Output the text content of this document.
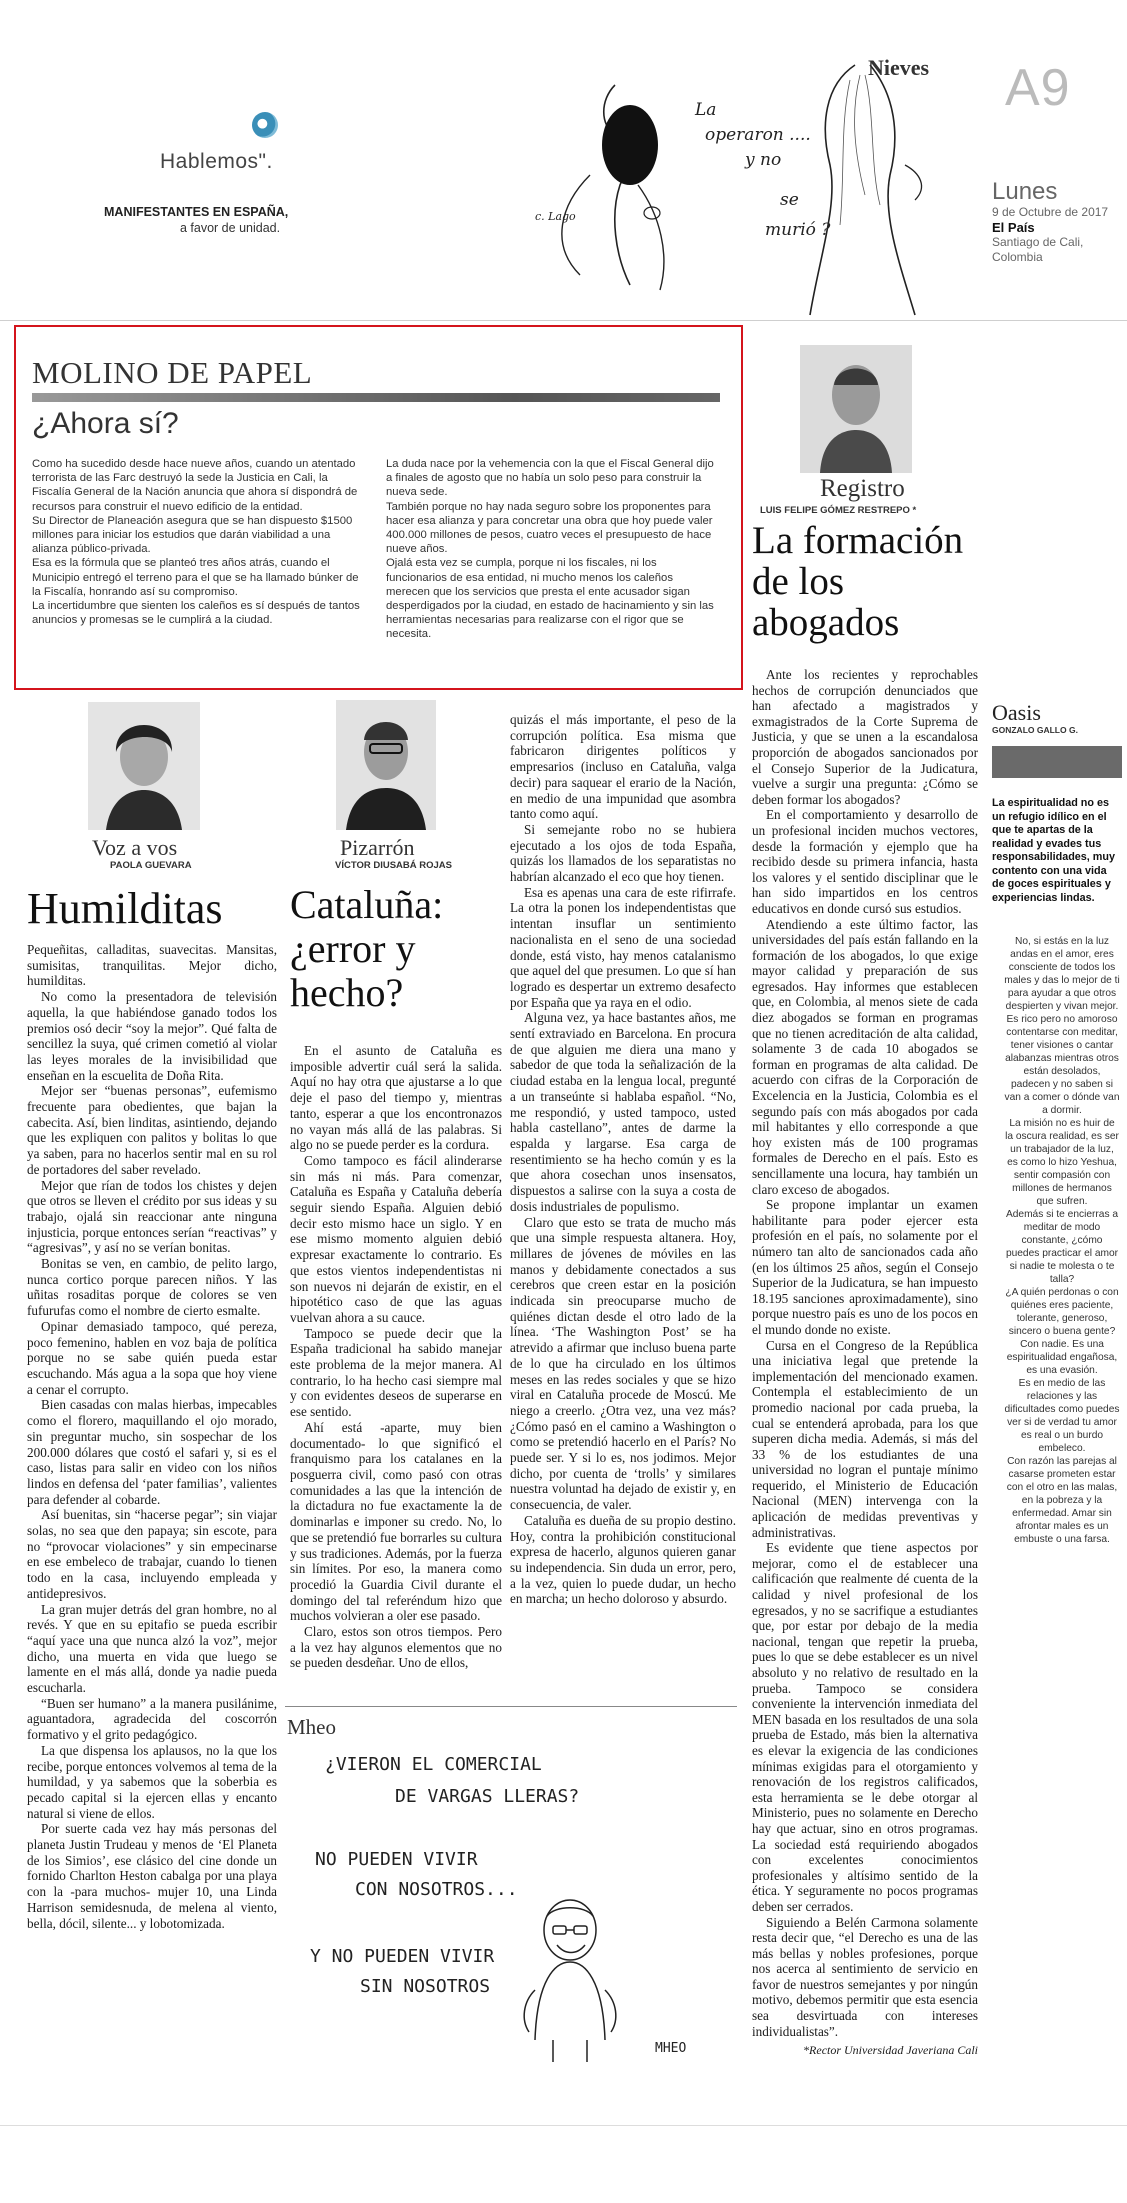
Hablemos".
MANIFESTANTES EN ESPAÑA,
a favor de unidad.
La
operaron ....
y no
se
murió ?
c. Lago
Nieves A9
Lunes
9 de Octubre de 2017
El País
Santiago de Cali, Colombia
MOLINO DE PAPEL
¿Ahora sí?

Como ha sucedido desde hace nueve años, cuando un atentado terrorista de las Farc destruyó la sede la Justicia en Cali, la Fiscalía General de la Nación anuncia que ahora sí dispondrá de recursos para construir el nuevo edificio de la entidad.

Su Director de Planeación asegura que se han dispuesto $1500 millones para iniciar los estudios que darán viabilidad a una alianza público-privada.

Esa es la fórmula que se planteó tres años atrás, cuando el Municipio entregó el terreno para el que se ha llamado búnker de la Fiscalía, honrando así su compromiso.

La incertidumbre que sienten los caleños es sí después de tantos anuncios y promesas se le cumplirá a la ciudad.

La duda nace por la vehemencia con la que el Fiscal General dijo a finales de agosto que no había un solo peso para construir la nueva sede.

También porque no hay nada seguro sobre los proponentes para hacer esa alianza y para concretar una obra que hoy puede valer 400.000 millones de pesos, cuatro veces el presupuesto de hace nueve años.

Ojalá esta vez se cumpla, porque ni los fiscales, ni los funcionarios de esa entidad, ni mucho menos los caleños merecen que los servicios que presta el ente acusador sigan desperdigados por la ciudad, en estado de hacinamiento y sin las herramientas necesarias para realizarse con el rigor que se necesita.

Registro
LUIS FELIPE GÓMEZ RESTREPO *
La formación de los abogados

Ante los recientes y reprochables hechos de corrupción denunciados que han afectado a magistrados y exmagistrados de la Corte Suprema de Justicia, y que se unen a la escandalosa proporción de abogados sancionados por el Consejo Superior de la Judicatura, vuelve a surgir una pregunta: ¿Cómo se deben formar los abogados?

En el comportamiento y desarrollo de un profesional inciden muchos vectores, desde la formación y ejemplo que ha recibido desde su primera infancia, hasta los valores y el sentido disciplinar que le han sido impartidos en los centros educativos en donde cursó sus estudios.

Atendiendo a este último factor, las universidades del país están fallando en la formación de los abogados, lo que exige mayor calidad y preparación de sus egresados. Hay informes que establecen que, en Colombia, al menos siete de cada diez abogados se forman en programas que no tienen acreditación de alta calidad, solamente 3 de cada 10 abogados se forman en programas de alta calidad. De acuerdo con cifras de la Corporación de Excelencia en la Justicia, Colombia es el segundo país con más abogados por cada mil habitantes y ello corresponde a que hoy existen más de 100 programas formales de Derecho en el país. Esto es sencillamente una locura, hay también un claro exceso de abogados.

Se propone implantar un examen habilitante para poder ejercer esta profesión en el país, no solamente por el número tan alto de sancionados cada año (en los últimos 25 años, según el Consejo Superior de la Judicatura, se han impuesto 18.195 sanciones aproximadamente), sino porque nuestro país es uno de los pocos en el mundo donde no existe.

Cursa en el Congreso de la República una iniciativa legal que pretende la implementación del mencionado examen. Contempla el establecimiento de un promedio nacional por cada prueba, la cual se entenderá aprobada, para los que superen dicha media. Además, si más del 33 % de los estudiantes de una universidad no logran el puntaje mínimo requerido, el Ministerio de Educación Nacional (MEN) intervenga con la aplicación de medidas preventivas y administrativas.

Es evidente que tiene aspectos por mejorar, como el de establecer una calificación que realmente dé cuenta de la calidad y nivel profesional de los egresados, y no se sacrifique a estudiantes que, por estar por debajo de la media nacional, tengan que repetir la prueba, pues lo que se debe establecer es un nivel absoluto y no relativo de resultado en la prueba. Tampoco se considera conveniente la intervención inmediata del MEN basada en los resultados de una sola prueba de Estado, más bien la alternativa es elevar la exigencia de las condiciones mínimas exigidas para el otorgamiento y renovación de los registros calificados, esta herramienta se le debe otorgar al Ministerio, pues no solamente en Derecho hay que actuar, sino en otros programas. La sociedad está requiriendo abogados con excelentes conocimientos profesionales y altísimo sentido de la ética. Y seguramente no pocos programas deben ser cerrados.

Siguiendo a Belén Carmona solamente resta decir que, “el Derecho es una de las más bellas y nobles profesiones, porque nos acerca al sentimiento de servicio en favor de nuestros semejantes y por ningún motivo, debemos permitir que esta esencia sea desvirtuada con intereses individualistas”.

*Rector Universidad Javeriana Cali
Oasis
GONZALO GALLO G.
La espiritualidad no es un refugio idílico en el que te apartas de la realidad y evades tus responsabilidades, muy contento con una vida de goces espirituales y experiencias lindas.

No, si estás en la luz andas en el amor, eres consciente de todos los males y das lo mejor de ti para ayudar a que otros despierten y vivan mejor.

Es rico pero no amoroso contentarse con meditar, tener visiones o cantar alabanzas mientras otros están desolados, padecen y no saben si van a comer o dónde van a dormir.

La misión no es huir de la oscura realidad, es ser un trabajador de la luz, es como lo hizo Yeshua, sentir compasión con millones de hermanos que sufren.

Además si te encierras a meditar de modo constante, ¿cómo puedes practicar el amor si nadie te molesta o te talla?

¿A quién perdonas o con quiénes eres paciente, tolerante, generoso, sincero o buena gente? Con nadie. Es una espiritualidad engañosa, es una evasión.

Es en medio de las relaciones y las dificultades como puedes ver si de verdad tu amor es real o un burdo embeleco.

Con razón las parejas al casarse prometen estar con el otro en las malas, en la pobreza y la enfermedad. Amar sin afrontar males es un embuste o una farsa.

Voz a vos
PAOLA GUEVARA
Humilditas

Pequeñitas, calladitas, suavecitas. Mansitas, sumisitas, tranquilitas. Mejor dicho, humilditas.

No como la presentadora de televisión aquella, la que habiéndose ganado todos los premios osó decir “soy la mejor”. Qué falta de sencillez la suya, qué crimen cometió al violar las leyes morales de la invisibilidad que enseñan en la escuelita de Doña Rita.

Mejor ser “buenas personas”, eufemismo frecuente para obedientes, que bajan la cabecita. Así, bien linditas, asintiendo, dejando que les expliquen con palitos y bolitas lo que ya saben, para no hacerlos sentir mal en su rol de portadores del saber revelado.

Mejor que rían de todos los chistes y dejen que otros se lleven el crédito por sus ideas y su trabajo, ojalá sin reaccionar ante ninguna injusticia, porque entonces serían “reactivas” y “agresivas”, y así no se verían bonitas.

Bonitas se ven, en cambio, de pelito largo, nunca cortico porque parecen niños. Y las uñitas rosaditas porque de colores se ven fufurufas como el nombre de cierto esmalte.

Opinar demasiado tampoco, qué pereza, poco femenino, hablen en voz baja de política porque no se sabe quién pueda estar escuchando. Más agua a la sopa que hoy viene a cenar el corrupto.

Bien casadas con malas hierbas, impecables como el florero, maquillando el ojo morado, sin preguntar mucho, sin sospechar de los 200.000 dólares que costó el safari y, si es el caso, listas para salir en video con los niños lindos en defensa del ‘pater familias’, valientes para defender al cobarde.

Así buenitas, sin “hacerse pegar”; sin viajar solas, no sea que den papaya; sin escote, para no “provocar violaciones” y sin empecinarse en ese embeleco de trabajar, cuando lo tienen todo en la casa, incluyendo empleada y antidepresivos.

La gran mujer detrás del gran hombre, no al revés. Y que en su epitafio se pueda escribir “aquí yace una que nunca alzó la voz”, mejor dicho, una muerta en vida que luego se lamente en el más allá, donde ya nadie pueda escucharla.

“Buen ser humano” a la manera pusilánime, aguantadora, agradecida del coscorrón formativo y el grito pedagógico.

La que dispensa los aplausos, no la que los recibe, porque entonces volvemos al tema de la humildad, y ya sabemos que la soberbia es pecado capital si la ejercen ellas y encanto natural si viene de ellos.

Por suerte cada vez hay más personas del planeta Justin Trudeau y menos de ‘El Planeta de los Simios’, ese clásico del cine donde un fornido Charlton Heston cabalga por una playa con la -para muchos- mujer 10, una Linda Harrison semidesnuda, de melena al viento, bella, dócil, silente... y lobotomizada.

Pizarrón
VÍCTOR DIUSABÁ ROJAS
Cataluña: ¿error y hecho?

En el asunto de Cataluña es imposible advertir cuál será la salida. Aquí no hay otra que ajustarse a lo que deje el paso del tiempo y, mientras tanto, esperar a que los encontronazos no vayan más allá de las palabras. Si algo no se puede perder es la cordura.

Como tampoco es fácil alinderarse sin más ni más. Para comenzar, Cataluña es España y Cataluña debería seguir siendo España. Alguien debió decir esto mismo hace un siglo. Y en ese mismo momento alguien debió expresar exactamente lo contrario. Es que estos vientos independentistas ni son nuevos ni dejarán de existir, en el hipotético caso de que las aguas vuelvan ahora a su cauce.

Tampoco se puede decir que la España tradicional ha sabido manejar este problema de la mejor manera. Al contrario, lo ha hecho casi siempre mal y con evidentes deseos de superarse en ese sentido.

Ahí está -aparte, muy bien documentado- lo que significó el franquismo para los catalanes en la posguerra civil, como pasó con otras comunidades a las que la intención de la dictadura no fue exactamente la de dominarlas e imponer su credo. No, lo que se pretendió fue borrarles su cultura y sus tradiciones. Además, por la fuerza sin límites. Por eso, la manera como procedió la Guardia Civil durante el domingo del tal referéndum hizo que muchos volvieran a oler ese pasado.

Claro, estos son otros tiempos. Pero a la vez hay algunos elementos que no se pueden desdeñar. Uno de ellos,

quizás el más importante, el peso de la corrupción política. Esa misma que fabricaron dirigentes políticos y empresarios (incluso en Cataluña, valga decir) para saquear el erario de la Nación, en medio de una impunidad que asombra tanto como aquí.

Si semejante robo no se hubiera ejecutado a los ojos de toda España, quizás los llamados de los separatistas no habrían alcanzado el eco que hoy tienen.

Esa es apenas una cara de este rifirrafe. La otra la ponen los independentistas que intentan insuflar un sentimiento nacionalista en el seno de una sociedad donde, está visto, hay menos catalanismo que aquel del que presumen. Lo que sí han logrado es despertar un extremo desafecto por España que ya raya en el odio.

Alguna vez, ya hace bastantes años, me sentí extraviado en Barcelona. En procura de que alguien me diera una mano y sabedor de que toda la señalización de la ciudad estaba en la lengua local, pregunté a un transeúnte si hablaba español. “No, me respondió, y usted tampoco, usted habla castellano”, antes de darme la espalda y largarse. Esa carga de resentimiento se ha hecho común y es la que ahora cosechan unos insensatos, dispuestos a salirse con la suya a costa de dosis industriales de populismo.

Claro que esto se trata de mucho más que una simple respuesta altanera. Hoy, millares de jóvenes de móviles en las manos y debidamente conectados a sus cerebros que creen estar en la posición indicada sin preocuparse mucho de quiénes dictan desde el otro lado de la línea. ‘The Washington Post’ se ha atrevido a afirmar que incluso buena parte de lo que ha circulado en los últimos meses en las redes sociales y que se hizo viral en Cataluña procede de Moscú. Me niego a creerlo. ¿Otra vez, una vez más? ¿Cómo pasó en el camino a Washington o como se pretendió hacerlo en el París? No puede ser. Y si lo es, nos jodimos. Mejor dicho, por cuenta de ‘trolls’ y similares nuestra voluntad ha dejado de existir y, en consecuencia, de valer.

Cataluña es dueña de su propio destino. Hoy, contra la prohibición constitucional expresa de hacerlo, algunos quieren ganar su independencia. Sin duda un error, pero, a la vez, quien lo puede dudar, un hecho en marcha; un hecho doloroso y absurdo.

Mheo
¿VIERON EL COMERCIAL
DE VARGAS LLERAS?
NO PUEDEN VIVIR
CON NOSOTROS...
Y NO PUEDEN VIVIR
SIN NOSOTROS
MHEO
